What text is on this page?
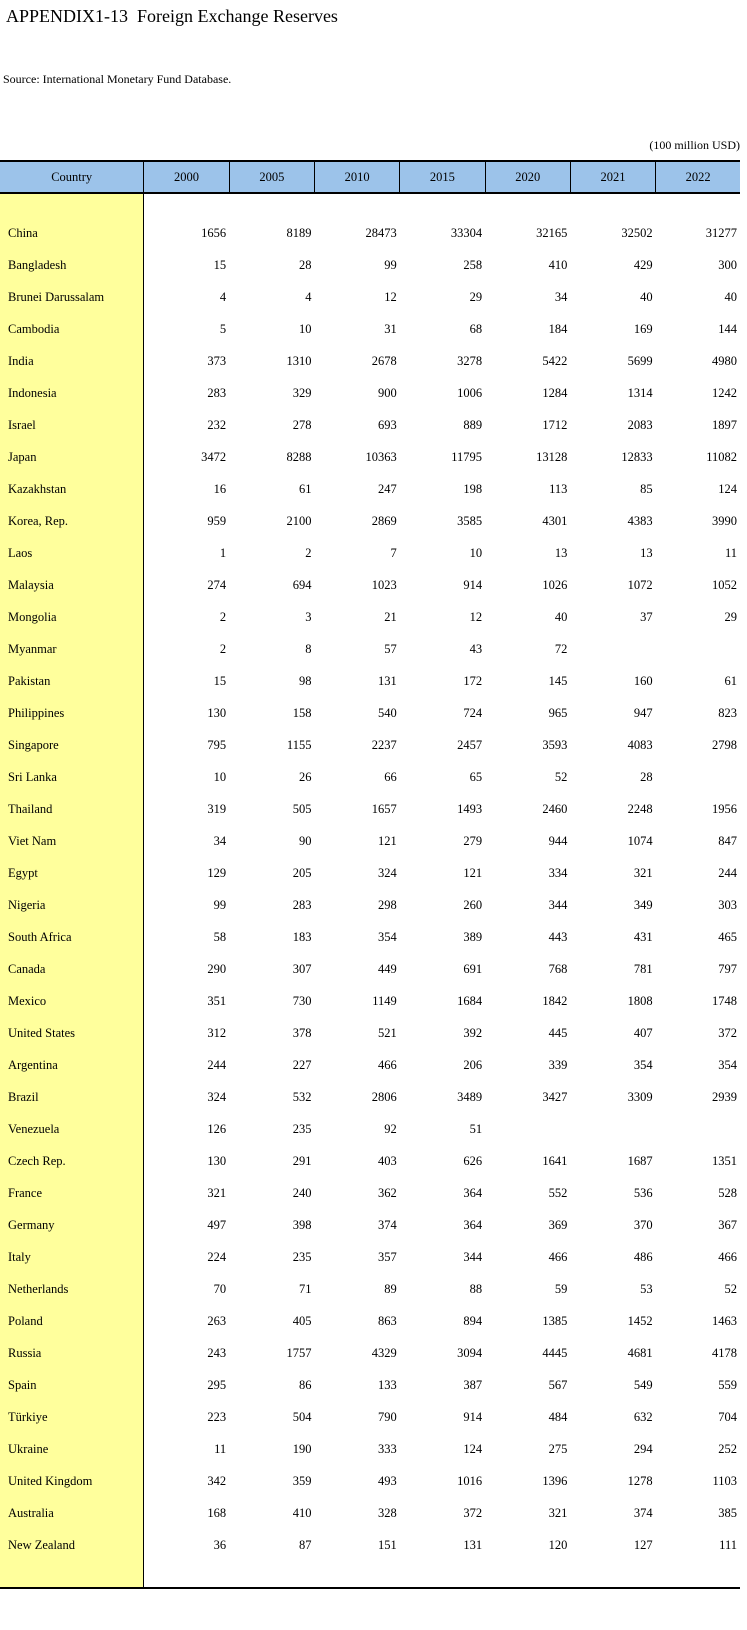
APPENDIX1-13  Foreign Exchange Reserves
Source: International Monetary Fund Database.
(100 million USD)
Country	2000	2005	2010	2015	2020	2021	2022

China	1656	8189	28473	33304	32165	32502	31277
Bangladesh	15	28	99	258	410	429	300
Brunei Darussalam	4	4	12	29	34	40	40
Cambodia	5	10	31	68	184	169	144
India	373	1310	2678	3278	5422	5699	4980
Indonesia	283	329	900	1006	1284	1314	1242
Israel	232	278	693	889	1712	2083	1897
Japan	3472	8288	10363	11795	13128	12833	11082
Kazakhstan	16	61	247	198	113	85	124
Korea, Rep.	959	2100	2869	3585	4301	4383	3990
Laos	1	2	7	10	13	13	11
Malaysia	274	694	1023	914	1026	1072	1052
Mongolia	2	3	21	12	40	37	29
Myanmar	2	8	57	43	72		
Pakistan	15	98	131	172	145	160	61
Philippines	130	158	540	724	965	947	823
Singapore	795	1155	2237	2457	3593	4083	2798
Sri Lanka	10	26	66	65	52	28	
Thailand	319	505	1657	1493	2460	2248	1956
Viet Nam	34	90	121	279	944	1074	847
Egypt	129	205	324	121	334	321	244
Nigeria	99	283	298	260	344	349	303
South Africa	58	183	354	389	443	431	465
Canada	290	307	449	691	768	781	797
Mexico	351	730	1149	1684	1842	1808	1748
United States	312	378	521	392	445	407	372
Argentina	244	227	466	206	339	354	354
Brazil	324	532	2806	3489	3427	3309	2939
Venezuela	126	235	92	51			
Czech Rep.	130	291	403	626	1641	1687	1351
France	321	240	362	364	552	536	528
Germany	497	398	374	364	369	370	367
Italy	224	235	357	344	466	486	466
Netherlands	70	71	89	88	59	53	52
Poland	263	405	863	894	1385	1452	1463
Russia	243	1757	4329	3094	4445	4681	4178
Spain	295	86	133	387	567	549	559
Türkiye	223	504	790	914	484	632	704
Ukraine	11	190	333	124	275	294	252
United Kingdom	342	359	493	1016	1396	1278	1103
Australia	168	410	328	372	321	374	385
New Zealand	36	87	151	131	120	127	111
